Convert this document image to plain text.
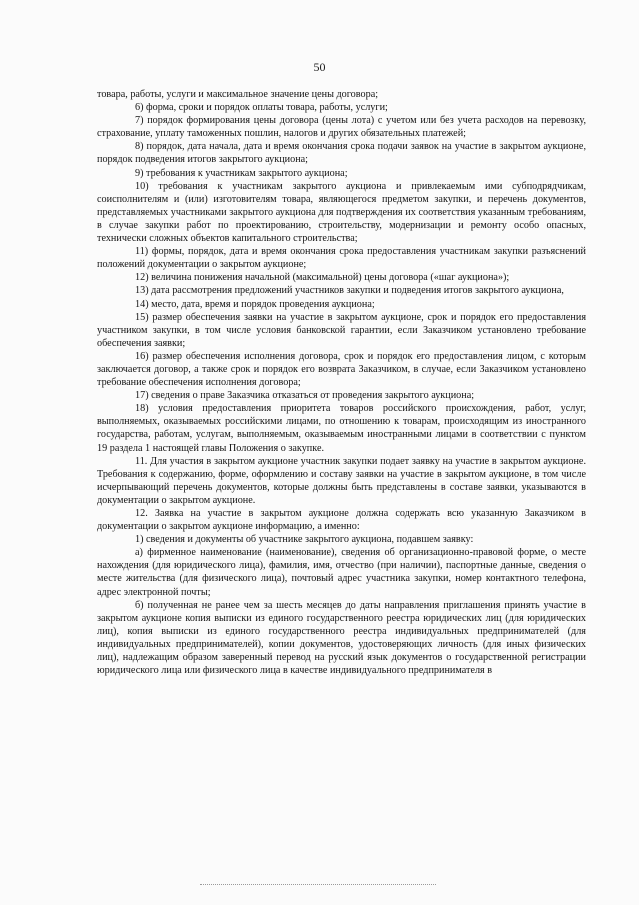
50

товара, работы, услуги и максимальное значение цены договора;

6) форма, сроки и порядок оплаты товара, работы, услуги;

7) порядок формирования цены договора (цены лота) с учетом или без учета расходов на перевозку, страхование, уплату таможенных пошлин, налогов и других обязательных платежей;

8) порядок, дата начала, дата и время окончания срока подачи заявок на участие в закрытом аукционе, порядок подведения итогов закрытого аукциона;

9) требования к участникам закрытого аукциона;

10) требования к участникам закрытого аукциона и привлекаемым ими субподрядчикам, соисполнителям и (или) изготовителям товара, являющегося предметом закупки, и перечень документов, представляемых участниками закрытого аукциона для подтверждения их соответствия указанным требованиям, в случае закупки работ по проектированию, строительству, модернизации и ремонту особо опасных, технически сложных объектов капитального строительства;

11) формы, порядок, дата и время окончания срока предоставления участникам закупки разъяснений положений документации о закрытом аукционе;

12) величина понижения начальной (максимальной) цены договора («шаг аукциона»);

13) дата рассмотрения предложений участников закупки и подведения итогов закрытого аукциона,

14) место, дата, время и порядок проведения аукциона;

15) размер обеспечения заявки на участие в закрытом аукционе, срок и порядок его предоставления участником закупки, в том числе условия банковской гарантии, если Заказчиком установлено требование обеспечения заявки;

16) размер обеспечения исполнения договора, срок и порядок его предоставления лицом, с которым заключается договор, а также срок и порядок его возврата Заказчиком, в случае, если Заказчиком установлено требование обеспечения исполнения договора;

17) сведения о праве Заказчика отказаться от проведения закрытого аукциона;

18) условия предоставления приоритета товаров российского происхождения, работ, услуг, выполняемых, оказываемых российскими лицами, по отношению к товарам, происходящим из иностранного государства, работам, услугам, выполняемым, оказываемым иностранными лицами в соответствии с пунктом 19 раздела 1 настоящей главы Положения о закупке.

11. Для участия в закрытом аукционе участник закупки подает заявку на участие в закрытом аукционе. Требования к содержанию, форме, оформлению и составу заявки на участие в закрытом аукционе, в том числе исчерпывающий перечень документов, которые должны быть представлены в составе заявки, указываются в документации о закрытом аукционе.

12. Заявка на участие в закрытом аукционе должна содержать всю указанную Заказчиком в документации о закрытом аукционе информацию, а именно:

1) сведения и документы об участнике закрытого аукциона, подавшем заявку:

а) фирменное наименование (наименование), сведения об организационно-правовой форме, о месте нахождения (для юридического лица), фамилия, имя, отчество (при наличии), паспортные данные, сведения о месте жительства (для физического лица), почтовый адрес участника закупки, номер контактного телефона, адрес электронной почты;

б) полученная не ранее чем за шесть месяцев до даты направления приглашения принять участие в закрытом аукционе копия выписки из единого государственного реестра юридических лиц (для юридических лиц), копия выписки из единого государственного реестра индивидуальных предпринимателей (для индивидуальных предпринимателей), копии документов, удостоверяющих личность (для иных физических лиц), надлежащим образом заверенный перевод на русский язык документов о государственной регистрации юридического лица или физического лица в качестве индивидуального предпринимателя в
